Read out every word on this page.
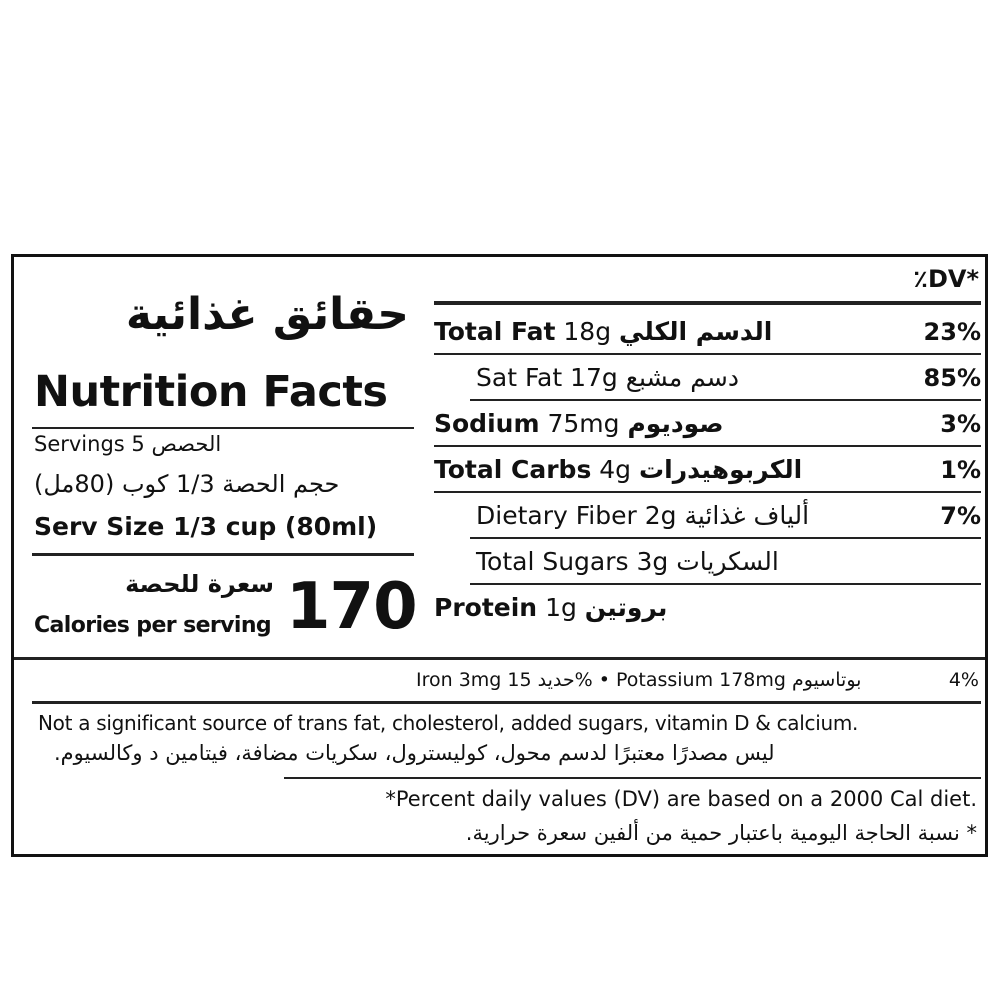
حقائق غذائية
Nutrition Facts
Servings 5 الحصص
حجم الحصة 1/3 كوب (80مل)
Serv Size 1/3 cup (80ml)
سعرة للحصة
Calories per serving 170
٪DV*
Total Fat 18g الدسم الكلي	23%
Sat Fat 17g دسم مشبع	85%
Sodium 75mg صوديوم	3%
Total Carbs 4g الكربوهيدرات	1%
Dietary Fiber 2g ألياف غذائية	7%
Total Sugars 3g السكريات
Protein 1g بروتين
Iron 3mg حديد 15% • Potassium 178mg بوتاسيوم	4%
Not a significant source of trans fat, cholesterol, added sugars, vitamin D & calcium.
ليس مصدرًا معتبرًا لدسم محول، كوليسترول، سكريات مضافة، فيتامين د وكالسيوم.
*Percent daily values (DV) are based on a 2000 Cal diet.
* نسبة الحاجة اليومية باعتبار حمية من ألفين سعرة حرارية.
